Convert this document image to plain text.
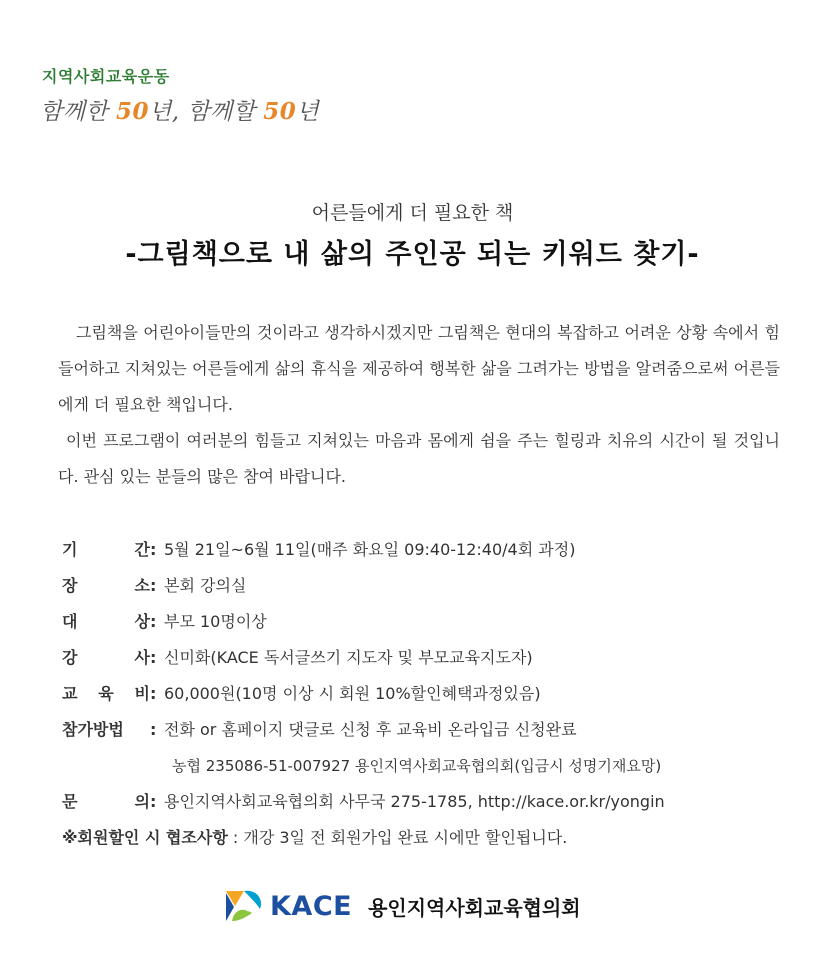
지역사회교육운동
함께한 50년, 함께할 50년
어른들에게 더 필요한 책
-그림책으로 내 삶의 주인공 되는 키워드 찾기-

그림책을 어린아이들만의 것이라고 생각하시겠지만 그림책은 현대의 복잡하고 어려운 상황 속에서 힘들어하고 지쳐있는 어른들에게 삶의 휴식을 제공하여 행복한 삶을 그려가는 방법을 알려줌으로써 어른들에게 더 필요한 책입니다.

이번 프로그램이 여러분의 힘들고 지쳐있는 마음과 몸에게 쉼을 주는 힐링과 치유의 시간이 될 것입니다. 관심 있는 분들의 많은 참여 바랍니다.

기	간 : 5월 21일~6월 11일(매주 화요일 09:40-12:40/4회 과정)
장	소 : 본회 강의실
대	상 : 부모 10명이상
강	사 : 신미화(KACE 독서글쓰기 지도자 및 부모교육지도자)
교 육 비 : 60,000원(10명 이상 시 회원 10%할인혜택과정있음)
참가방법	: 전화 or 홈페이지 댓글로 신청 후 교육비 온라입금 신청완료
농협 235086-51-007927 용인지역사회교육협의회(입금시 성명기재요망)
문	의 : 용인지역사회교육협의회 사무국 275-1785, http://kace.or.kr/yongin
※회원할인 시 협조사항 : 개강 3일 전 회원가입 완료 시에만 할인됩니다.
KACE 용인지역사회교육협의회
